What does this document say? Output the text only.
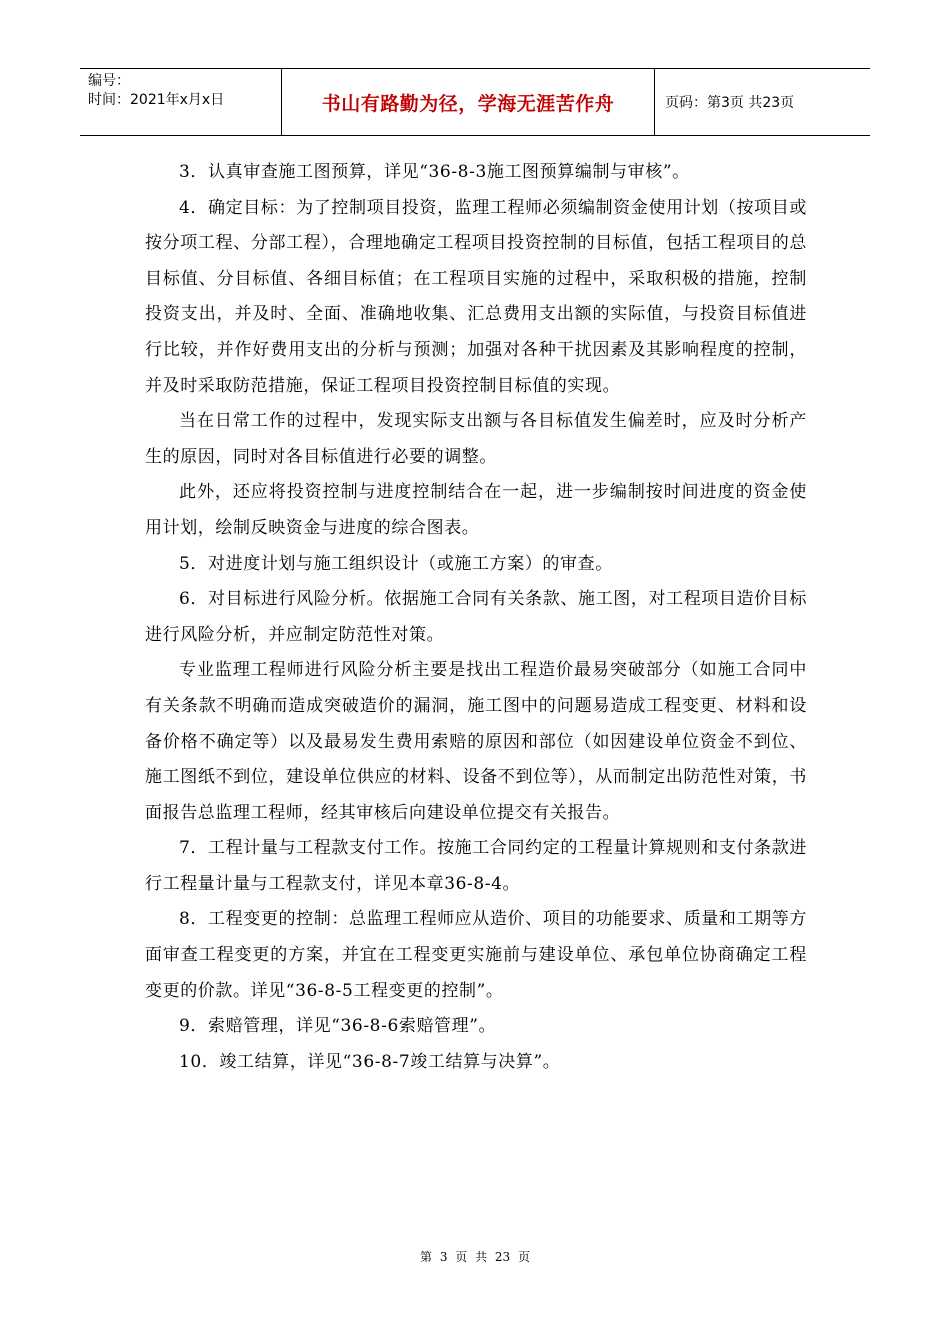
编号：
时间：2021年x月x日	书山有路勤为径，学海无涯苦作舟	页码：第3页 共23页

3．认真审查施工图预算，详见“36-8-3施工图预算编制与审核”。

4．确定目标：为了控制项目投资，监理工程师必须编制资金使用计划（按项目或按分项工程、分部工程），合理地确定工程项目投资控制的目标值，包括工程项目的总目标值、分目标值、各细目标值；在工程项目实施的过程中，采取积极的措施，控制投资支出，并及时、全面、准确地收集、汇总费用支出额的实际值，与投资目标值进行比较，并作好费用支出的分析与预测；加强对各种干扰因素及其影响程度的控制，并及时采取防范措施，保证工程项目投资控制目标值的实现。

当在日常工作的过程中，发现实际支出额与各目标值发生偏差时，应及时分析产生的原因，同时对各目标值进行必要的调整。

此外，还应将投资控制与进度控制结合在一起，进一步编制按时间进度的资金使用计划，绘制反映资金与进度的综合图表。

5．对进度计划与施工组织设计（或施工方案）的审查。

6．对目标进行风险分析。依据施工合同有关条款、施工图，对工程项目造价目标进行风险分析，并应制定防范性对策。

专业监理工程师进行风险分析主要是找出工程造价最易突破部分（如施工合同中有关条款不明确而造成突破造价的漏洞，施工图中的问题易造成工程变更、材料和设备价格不确定等）以及最易发生费用索赔的原因和部位（如因建设单位资金不到位、施工图纸不到位，建设单位供应的材料、设备不到位等），从而制定出防范性对策，书面报告总监理工程师，经其审核后向建设单位提交有关报告。

7．工程计量与工程款支付工作。按施工合同约定的工程量计算规则和支付条款进行工程量计量与工程款支付，详见本章36-8-4。

8．工程变更的控制：总监理工程师应从造价、项目的功能要求、质量和工期等方面审查工程变更的方案，并宜在工程变更实施前与建设单位、承包单位协商确定工程变更的价款。详见“36-8-5工程变更的控制”。

9．索赔管理，详见“36-8-6索赔管理”。

10．竣工结算，详见“36-8-7竣工结算与决算”。

第 3 页 共 23 页
